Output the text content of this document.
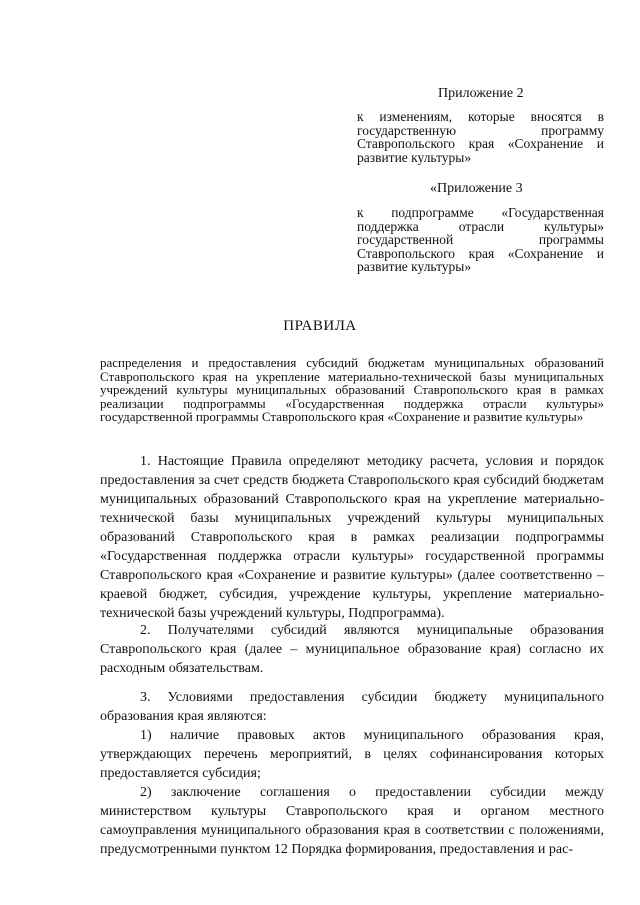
Приложение 2
к изменениям, которые вносятся в государственную программу Ставропольского края «Сохранение и развитие культуры»
«Приложение 3
к подпрограмме «Государственная поддержка отрасли культуры» государственной программы Ставропольского края «Сохранение и развитие культуры»
ПРАВИЛА
распределения и предоставления субсидий бюджетам муниципальных образований Ставропольского края на укрепление материально-технической базы муниципальных учреждений культуры муниципальных образований Ставропольского края в рамках реализации подпрограммы «Государственная поддержка отрасли культуры» государственной программы Ставропольского края «Сохранение и развитие культуры»

1. Настоящие Правила определяют методику расчета, условия и порядок предоставления за счет средств бюджета Ставропольского края субсидий бюджетам муниципальных образований Ставропольского края на укрепление материально-технической базы муниципальных учреждений культуры муниципальных образований Ставропольского края в рамках реализации подпрограммы «Государственная поддержка отрасли культуры» государственной программы Ставропольского края «Сохранение и развитие культуры» (далее соответственно – краевой бюджет, субсидия, учреждение культуры, укрепление материально-технической базы учреждений культуры, Подпрограмма).

2. Получателями субсидий являются муниципальные образования Ставропольского края (далее – муниципальное образование края) согласно их расходным обязательствам.

3. Условиями предоставления субсидии бюджету муниципального образования края являются:

1) наличие правовых актов муниципального образования края, утверждающих перечень мероприятий, в целях софинансирования которых предоставляется субсидия;

2) заключение соглашения о предоставлении субсидии между министерством культуры Ставропольского края и органом местного самоуправления муниципального образования края в соответствии с положениями, предусмотренными пунктом 12 Порядка формирования, предоставления и рас-
